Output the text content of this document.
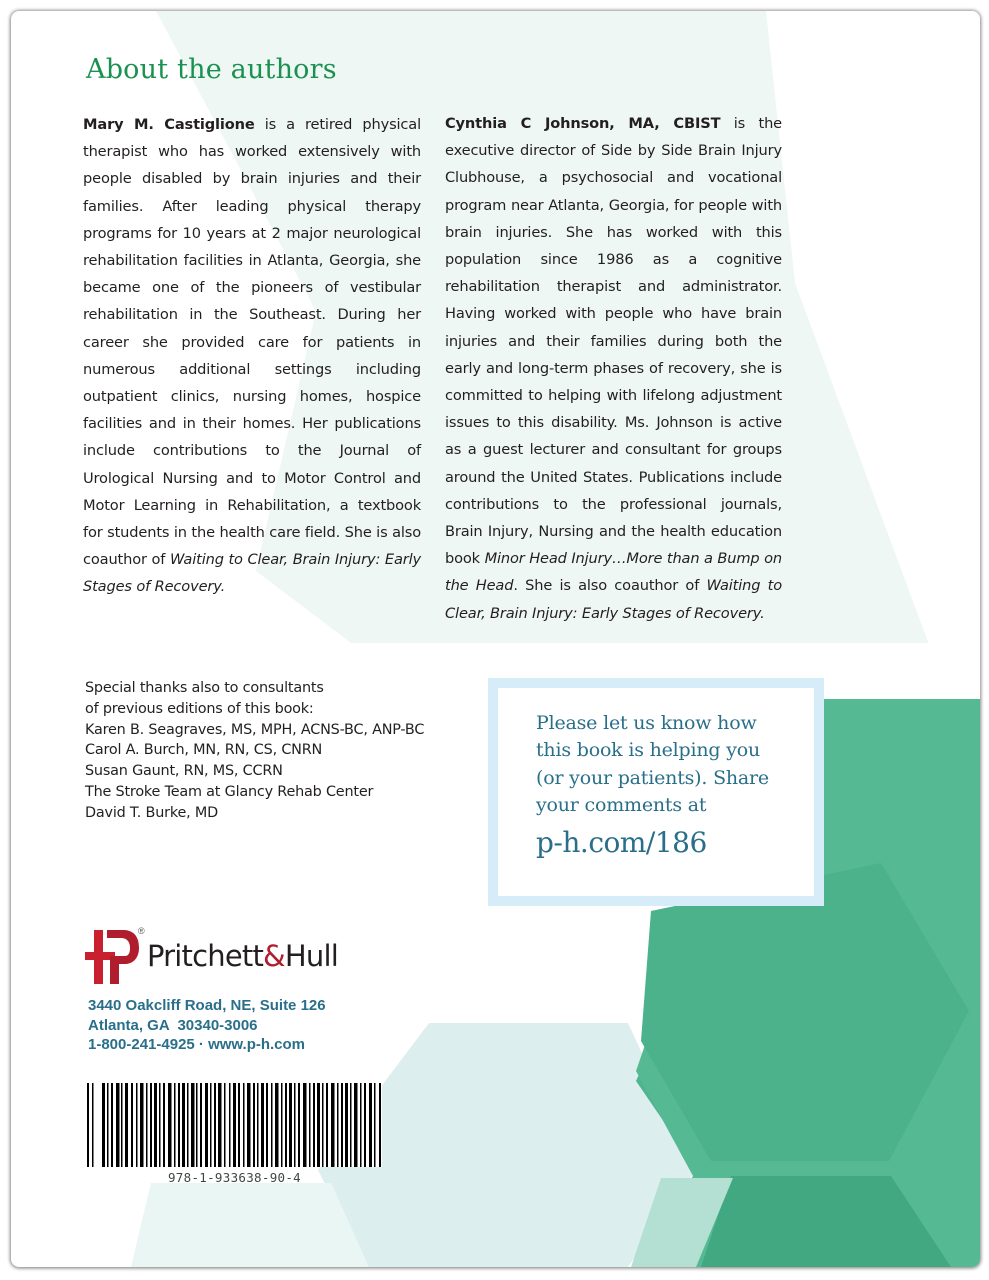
About the authors

Mary M. Castiglione is a retired physical therapist who has worked extensively with people disabled by brain injuries and their families. After leading physical therapy programs for 10 years at 2 major neurological rehabilitation facilities in Atlanta, Georgia, she became one of the pioneers of vestibular rehabilitation in the Southeast. During her career she provided care for patients in numerous additional settings including outpatient clinics, nursing homes, hospice facilities and in their homes. Her publications include contributions to the Journal of Urological Nursing and to Motor Control and Motor Learning in Rehabilitation, a textbook for students in the health care field. She is also coauthor of Waiting to Clear, Brain Injury: Early Stages of Recovery.

Cynthia C Johnson, MA, CBIST is the executive director of Side by Side Brain Injury Clubhouse, a psychosocial and vocational program near Atlanta, Georgia, for people with brain injuries. She has worked with this population since 1986 as a cognitive rehabilitation therapist and administrator. Having worked with people who have brain injuries and their families during both the early and long-term phases of recovery, she is committed to helping with lifelong adjustment issues to this disability. Ms. Johnson is active as a guest lecturer and consultant for groups around the United States. Publications include contributions to the professional journals, Brain Injury, Nursing and the health education book Minor Head Injury…More than a Bump on the Head. She is also coauthor of Waiting to Clear, Brain Injury: Early Stages of Recovery.

Special thanks also to consultants
of previous editions of this book:
Karen B. Seagraves, MS, MPH, ACNS-BC, ANP-BC
Carol A. Burch, MN, RN, CS, CNRN
Susan Gaunt, RN, MS, CCRN
The Stroke Team at Glancy Rehab Center
David T. Burke, MD
Please let us know how
this book is helping you
(or your patients). Share
your comments at
p-h.com/186
®
Pritchett&Hull
3440 Oakcliff Road, NE, Suite 126
Atlanta, GA  30340-3006
1-800-241-4925 · www.p-h.com
978-1-933638-90-4
